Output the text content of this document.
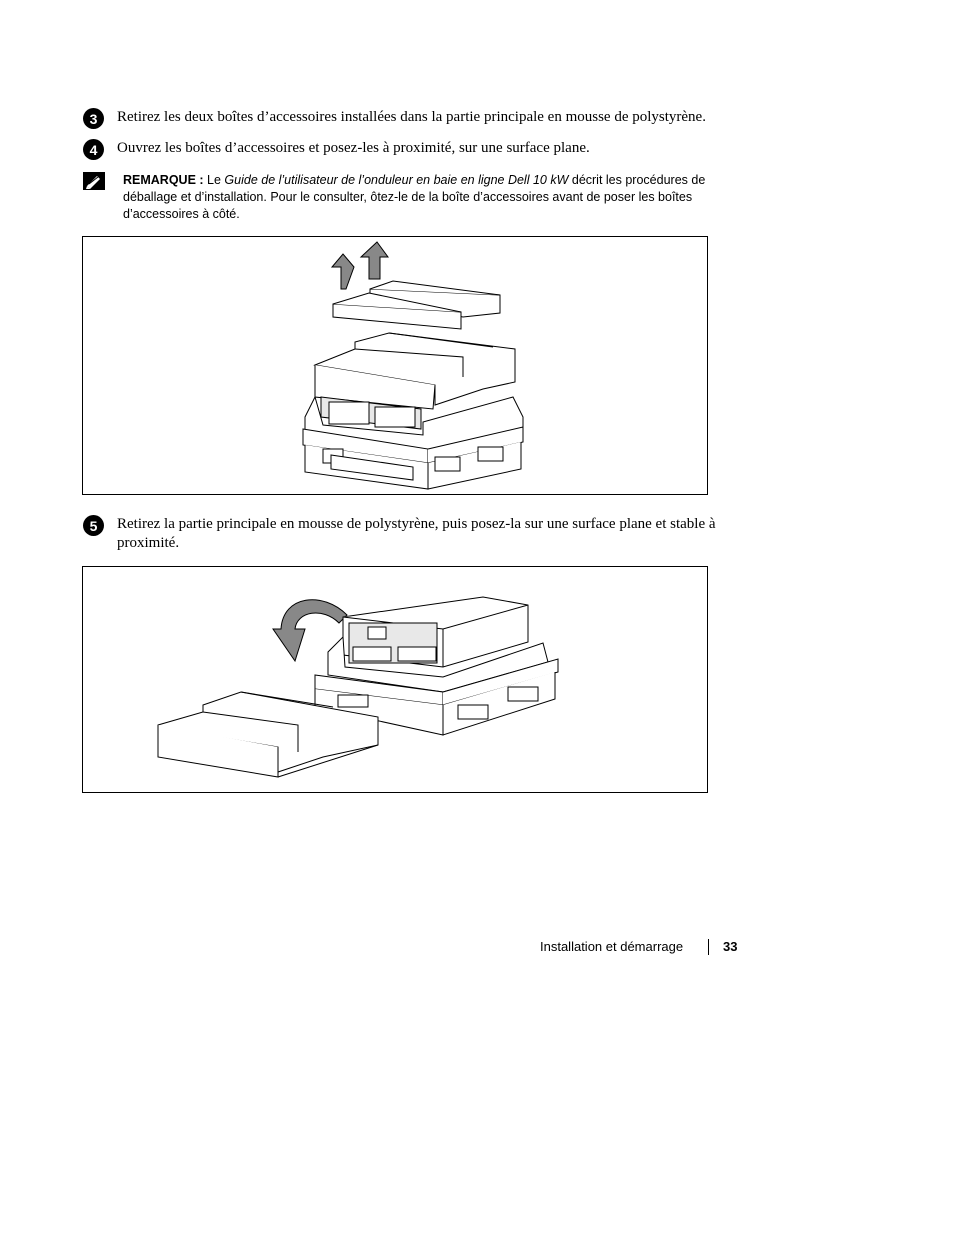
3	Retirez les deux boîtes d’accessoires installées dans la partie principale en mousse de polystyrène.
4	Ouvrez les boîtes d’accessoires et posez-les à proximité, sur une surface plane.
REMARQUE : Le Guide de l’utilisateur de l’onduleur en baie en ligne Dell 10 kW décrit les procédures de déballage et d’installation. Pour le consulter, ôtez-le de la boîte d’accessoires avant de poser les boîtes d’accessoires à côté.
5	Retirez la partie principale en mousse de polystyrène, puis posez-la sur une surface plane et stable à proximité.
Installation et démarrage	33
